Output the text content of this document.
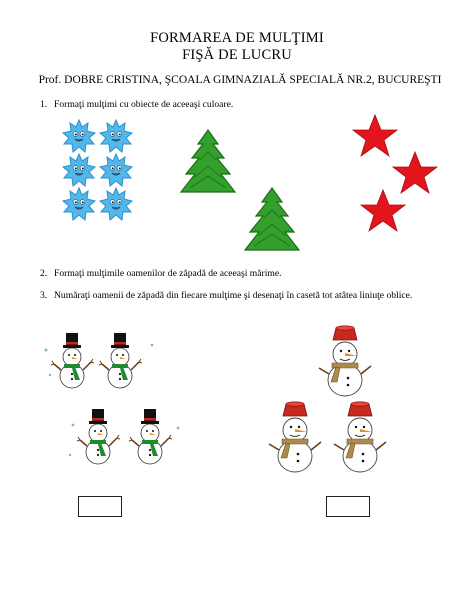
FORMAREA DE MULŢIMI
FIŞĂ DE LUCRU
Prof. DOBRE CRISTINA, ŞCOALA GIMNAZIALĂ SPECIALĂ NR.2, BUCUREŞTI
1. Formaţi mulţimi cu obiecte de aceeaşi culoare.
2. Formaţi mulţimile oamenilor de zăpadă de aceeaşi mărime.
3. Număraţi oamenii de zăpadă din fiecare mulţime şi desenaţi în casetă tot atâtea liniuţe oblice.
